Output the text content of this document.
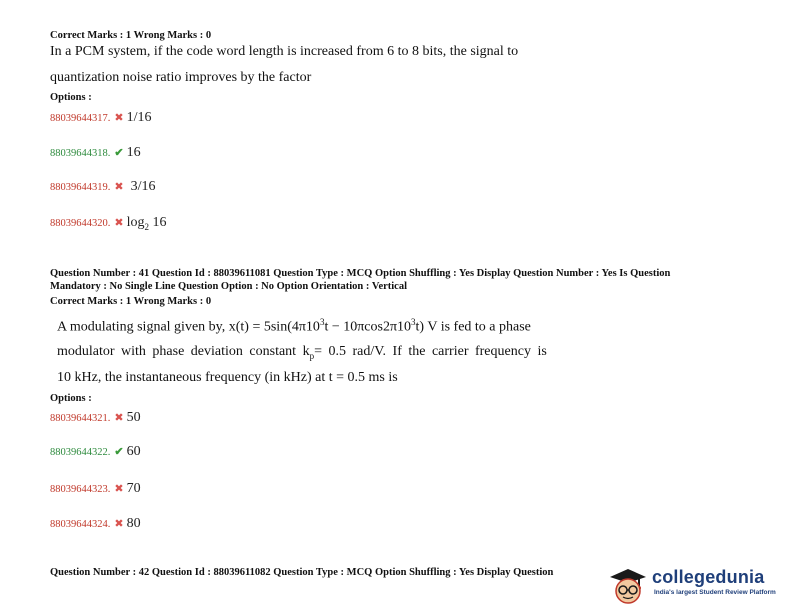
Correct Marks : 1 Wrong Marks : 0
In a PCM system, if the code word length is increased from 6 to 8 bits, the signal to
quantization noise ratio improves by the factor
Options :
88039644317. ✖ 1/16
88039644318. ✔ 16
88039644319. ✖ 3/16
88039644320. ✖ $\log_2 16$
Question Number : 41 Question Id : 88039611081 Question Type : MCQ Option Shuffling : Yes Display Question Number : Yes Is Question
Mandatory : No Single Line Question Option : No Option Orientation : Vertical
Correct Marks : 1 Wrong Marks : 0
A modulating signal given by, $x(t) = 5\sin(4\pi 10^3t - 10\pi\cos 2\pi 10^3t)$ V is fed to a phase
modulator with phase deviation constant $k_p= 0.5$ rad/V. If the carrier frequency is
10 kHz, the instantaneous frequency (in kHz) at t = 0.5 ms is
Options :
88039644321. ✖ 50
88039644322. ✔ 60
88039644323. ✖ 70
88039644324. ✖ 80
Question Number : 42 Question Id : 88039611082 Question Type : MCQ Option Shuffling : Yes Display Question	collegedunia
India's largest Student Review Platform
